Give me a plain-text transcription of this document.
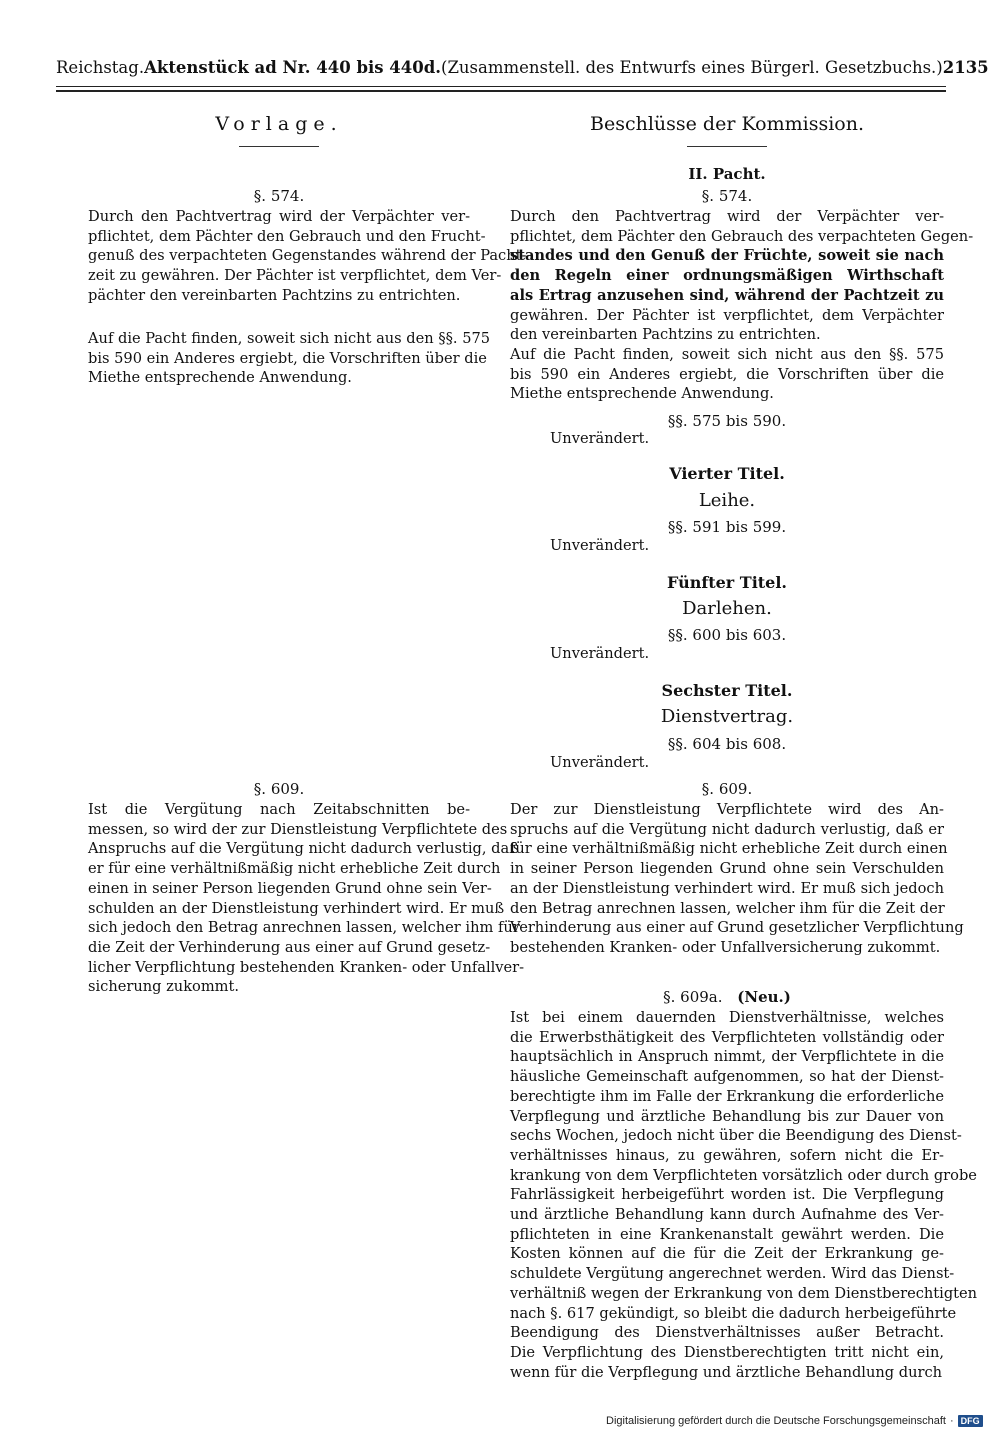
Reichstag. Aktenstück ad Nr. 440 bis 440d. (Zusammenstell. des Entwurfs eines Bürgerl. Gesetzbuchs.) 2135
Vorlage.
§. 574.
Durch den Pachtvertrag wird der Verpächter ver-
pflichtet, dem Pächter den Gebrauch und den Frucht-
genuß des verpachteten Gegenstandes während der Pacht-
zeit zu gewähren. Der Pächter ist verpflichtet, dem Ver-
pächter den vereinbarten Pachtzins zu entrichten.
Auf die Pacht finden, soweit sich nicht aus den §§. 575
bis 590 ein Anderes ergiebt, die Vorschriften über die
Miethe entsprechende Anwendung.
§. 609.
Ist die Vergütung nach Zeitabschnitten be-
messen, so wird der zur Dienstleistung Verpflichtete des
Anspruchs auf die Vergütung nicht dadurch verlustig, daß
er für eine verhältnißmäßig nicht erhebliche Zeit durch
einen in seiner Person liegenden Grund ohne sein Ver-
schulden an der Dienstleistung verhindert wird. Er muß
sich jedoch den Betrag anrechnen lassen, welcher ihm für
die Zeit der Verhinderung aus einer auf Grund gesetz-
licher Verpflichtung bestehenden Kranken- oder Unfallver-
sicherung zukommt.
Beschlüsse der Kommission.
II. Pacht.
§. 574.
Durch den Pachtvertrag wird der Verpächter ver-
pflichtet, dem Pächter den Gebrauch des verpachteten Gegen-
standes und den Genuß der Früchte, soweit sie nach
den Regeln einer ordnungsmäßigen Wirthschaft
als Ertrag anzusehen sind, während der Pachtzeit zu
gewähren. Der Pächter ist verpflichtet, dem Verpächter
den vereinbarten Pachtzins zu entrichten.
Auf die Pacht finden, soweit sich nicht aus den §§. 575
bis 590 ein Anderes ergiebt, die Vorschriften über die
Miethe entsprechende Anwendung.
§§. 575 bis 590.
Unverändert.
Vierter Titel.
Leihe.
§§. 591 bis 599.
Unverändert.
Fünfter Titel.
Darlehen.
§§. 600 bis 603.
Unverändert.
Sechster Titel.
Dienstvertrag.
§§. 604 bis 608.
Unverändert.
§. 609.
Der zur Dienstleistung Verpflichtete wird des An-
spruchs auf die Vergütung nicht dadurch verlustig, daß er
für eine verhältnißmäßig nicht erhebliche Zeit durch einen
in seiner Person liegenden Grund ohne sein Verschulden
an der Dienstleistung verhindert wird. Er muß sich jedoch
den Betrag anrechnen lassen, welcher ihm für die Zeit der
Verhinderung aus einer auf Grund gesetzlicher Verpflichtung
bestehenden Kranken- oder Unfallversicherung zukommt.
§. 609a. (Neu.)
Ist bei einem dauernden Dienstverhältnisse, welches
die Erwerbsthätigkeit des Verpflichteten vollständig oder
hauptsächlich in Anspruch nimmt, der Verpflichtete in die
häusliche Gemeinschaft aufgenommen, so hat der Dienst-
berechtigte ihm im Falle der Erkrankung die erforderliche
Verpflegung und ärztliche Behandlung bis zur Dauer von
sechs Wochen, jedoch nicht über die Beendigung des Dienst-
verhältnisses hinaus, zu gewähren, sofern nicht die Er-
krankung von dem Verpflichteten vorsätzlich oder durch grobe
Fahrlässigkeit herbeigeführt worden ist. Die Verpflegung
und ärztliche Behandlung kann durch Aufnahme des Ver-
pflichteten in eine Krankenanstalt gewährt werden. Die
Kosten können auf die für die Zeit der Erkrankung ge-
schuldete Vergütung angerechnet werden. Wird das Dienst-
verhältniß wegen der Erkrankung von dem Dienstberechtigten
nach §. 617 gekündigt, so bleibt die dadurch herbeigeführte
Beendigung des Dienstverhältnisses außer Betracht.
Die Verpflichtung des Dienstberechtigten tritt nicht ein,
wenn für die Verpflegung und ärztliche Behandlung durch
Digitalisierung gefördert durch die Deutsche Forschungsgemeinschaft · DFG
